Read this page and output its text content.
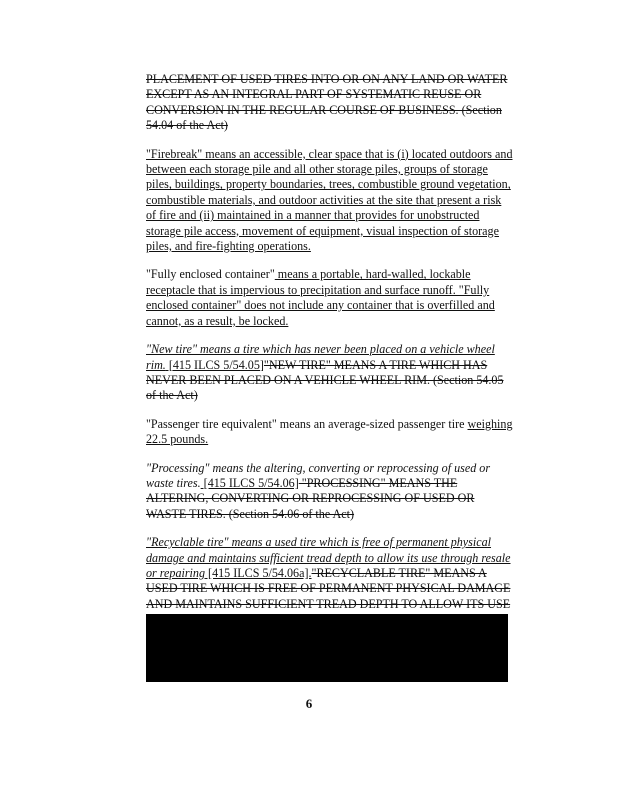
PLACEMENT OF USED TIRES INTO OR ON ANY LAND OR WATER EXCEPT AS AN INTEGRAL PART OF SYSTEMATIC REUSE OR CONVERSION IN THE REGULAR COURSE OF BUSINESS. (Section 54.04 of the Act)

"Firebreak" means an accessible, clear space that is (i) located outdoors and between each storage pile and all other storage piles, groups of storage piles, buildings, property boundaries, trees, combustible ground vegetation, combustible materials, and outdoor activities at the site that present a risk of fire and (ii) maintained in a manner that provides for unobstructed storage pile access, movement of equipment, visual inspection of storage piles, and fire-fighting operations.

"Fully enclosed container" means a portable, hard-walled, lockable receptacle that is impervious to precipitation and surface runoff. "Fully enclosed container" does not include any container that is overfilled and cannot, as a result, be locked.

"New tire" means a tire which has never been placed on a vehicle wheel rim. [415 ILCS 5/54.05]"NEW TIRE" MEANS A TIRE WHICH HAS NEVER BEEN PLACED ON A VEHICLE WHEEL RIM. (Section 54.05 of the Act)

"Passenger tire equivalent" means an average-sized passenger tire weighing 22.5 pounds.

"Processing" means the altering, converting or reprocessing of used or waste tires. [415 ILCS 5/54.06] "PROCESSING" MEANS THE ALTERING, CONVERTING OR REPROCESSING OF USED OR WASTE TIRES. (Section 54.06 of the Act)

"Recyclable tire" means a used tire which is free of permanent physical damage and maintains sufficient tread depth to allow its use through resale or repairing [415 ILCS 5/54.06a]."RECYCLABLE TIRE" MEANS A USED TIRE WHICH IS FREE OF PERMANENT PHYSICAL DAMAGE AND MAINTAINS SUFFICIENT TREAD DEPTH TO ALLOW ITS USE

6
